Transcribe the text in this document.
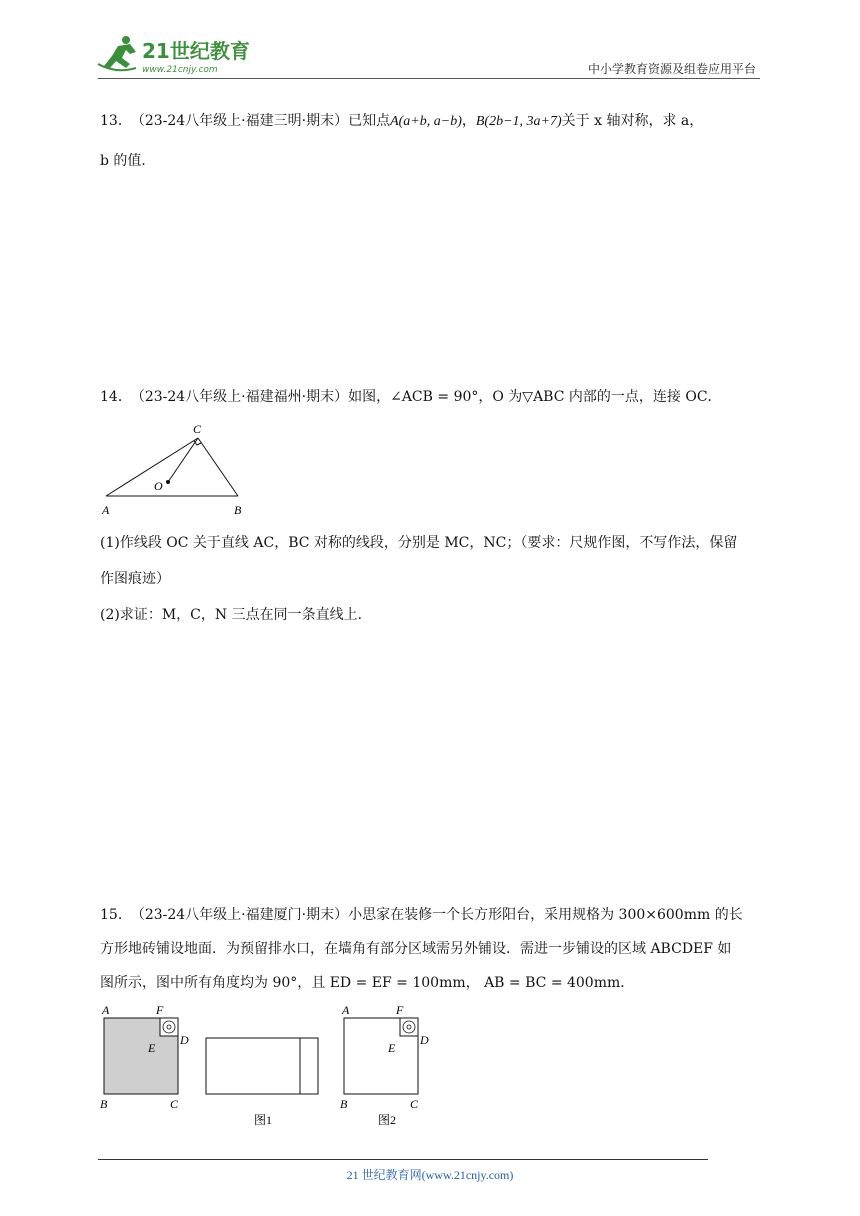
21世纪教育
www.21cnjy.com	中小学教育资源及组卷应用平台
13． （23-24八年级上·福建三明·期末）已知点A(a+b, a−b)，B(2b−1, 3a+7)关于 x 轴对称，求 a，
b 的值．
14． （23-24八年级上·福建福州·期末）如图，∠ACB = 90°，O 为▽ABC 内部的一点，连接 OC．
A	B
C
O
(1)作线段 OC 关于直线 AC，BC 对称的线段，分别是 MC，NC；（要求：尺规作图，不写作法，保留
作图痕迹）
(2)求证：M，C，N 三点在同一条直线上．
15． （23-24八年级上·福建厦门·期末）小思家在装修一个长方形阳台，采用规格为 300×600mm 的长
方形地砖铺设地面．为预留排水口，在墙角有部分区域需另外铺设．需进一步铺设的区域 ABCDEF 如
图所示，图中所有角度均为 90°，且 ED = EF = 100mm， AB = BC = 400mm．
A	F
D
E
B	C
图1
A	F
D
E
B	C
图2
21 世纪教育网(www.21cnjy.com)
